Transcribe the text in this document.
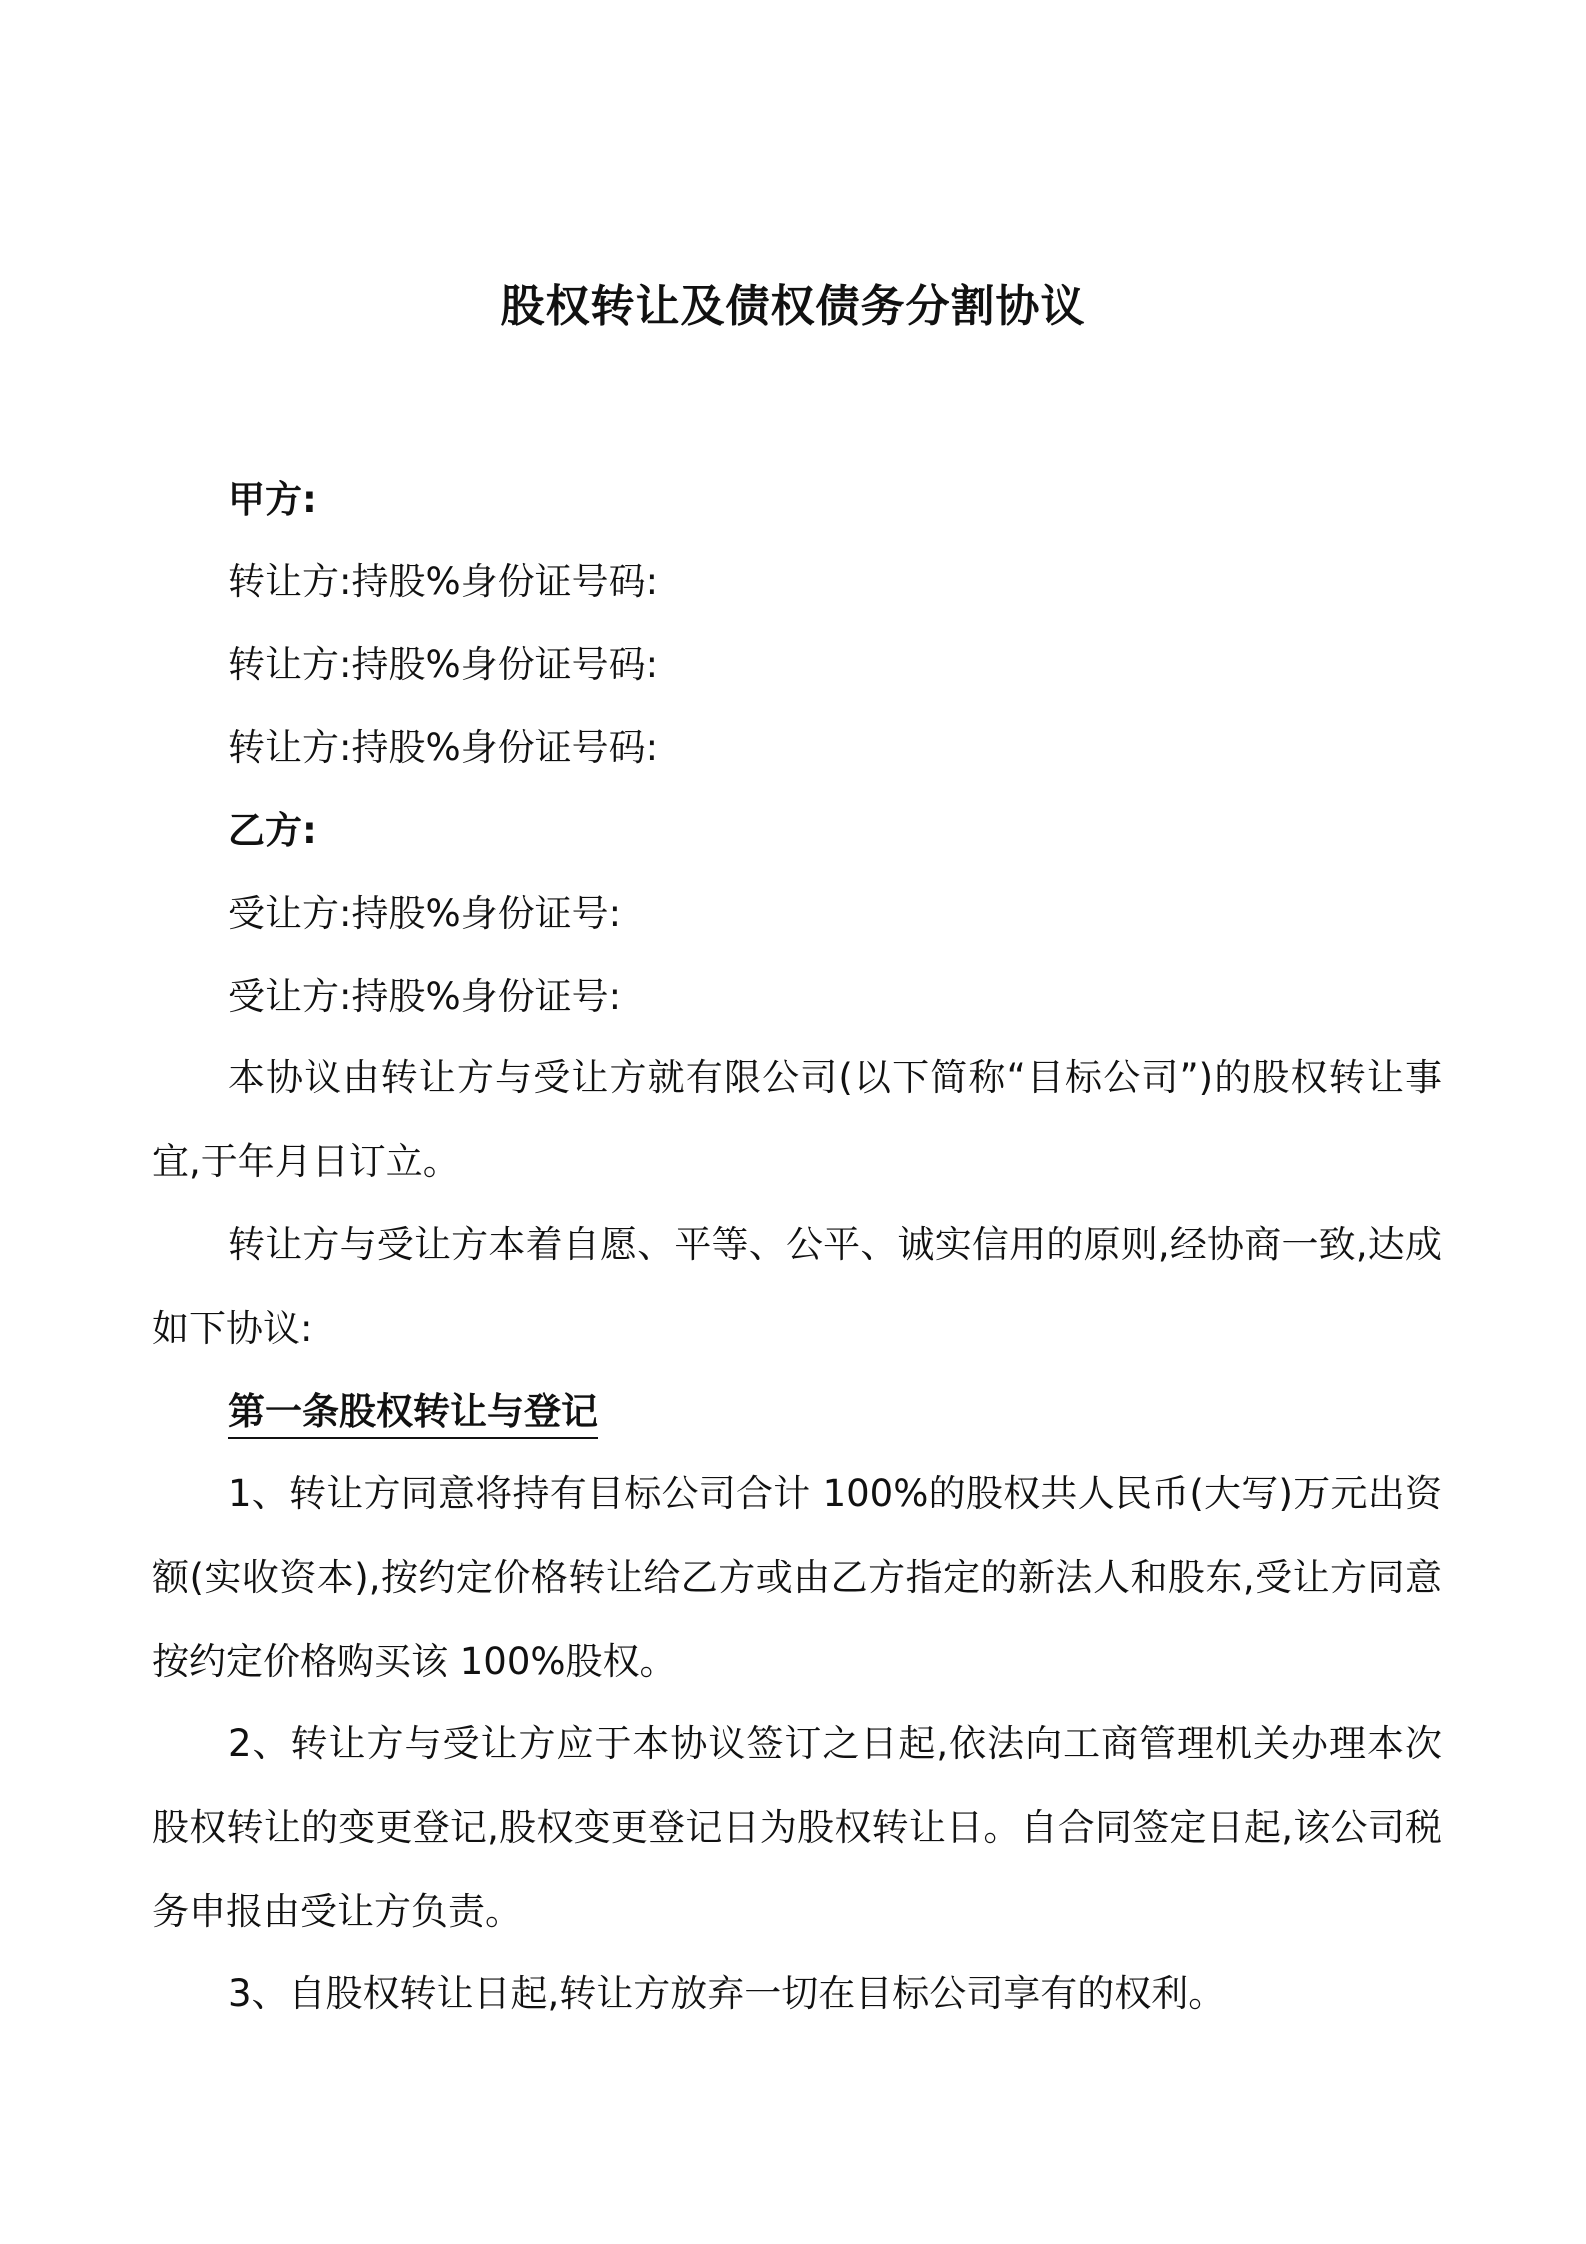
股权转让及债权债务分割协议
甲方:
转让方:持股%身份证号码:
转让方:持股%身份证号码:
转让方:持股%身份证号码:
乙方:
受让方:持股%身份证号:
受让方:持股%身份证号:
本协议由转让方与受让方就有限公司(以下简称“目标公司”)的股权转让事宜,于年月日订立。
转让方与受让方本着自愿、平等、公平、诚实信用的原则,经协商一致,达成如下协议:
第一条股权转让与登记
1、转让方同意将持有目标公司合计 100%的股权共人民币(大写)万元出资额(实收资本),按约定价格转让给乙方或由乙方指定的新法人和股东,受让方同意按约定价格购买该 100%股权。
2、转让方与受让方应于本协议签订之日起,依法向工商管理机关办理本次股权转让的变更登记,股权变更登记日为股权转让日。自合同签定日起,该公司税务申报由受让方负责。
3、自股权转让日起,转让方放弃一切在目标公司享有的权利。
